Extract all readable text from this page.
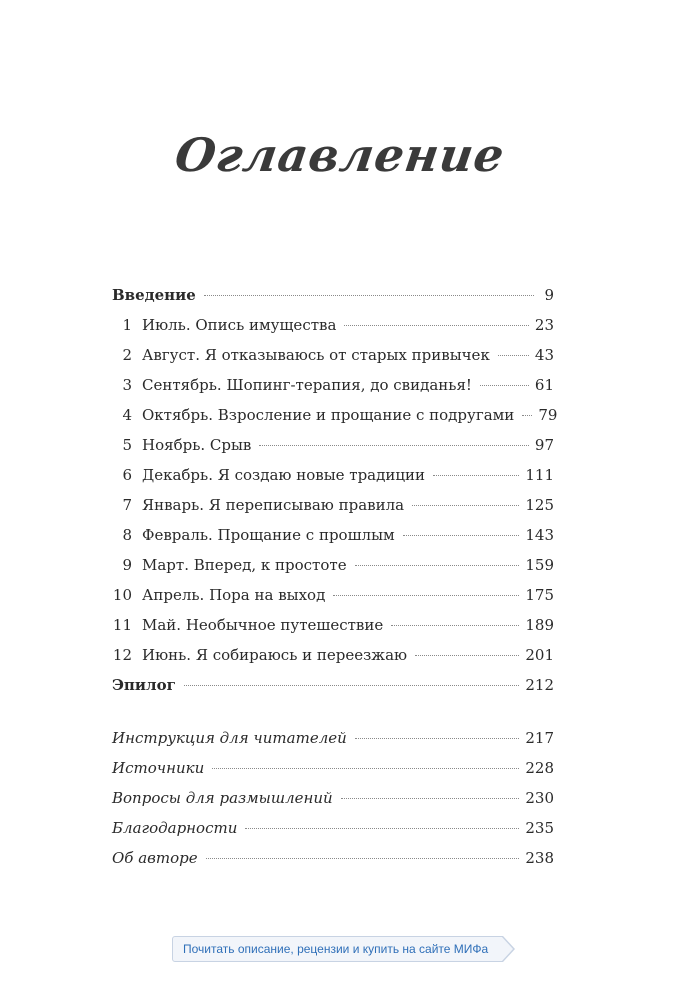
Оглавление
Введение	9
1 Июль. Опись имущества	23
2 Август. Я отказываюсь от старых привычек	43
3 Сентябрь. Шопинг-терапия, до свиданья!	61
4 Октябрь. Взросление и прощание с подругами 79
5 Ноябрь. Срыв	97
6 Декабрь. Я создаю новые традиции	111
7 Январь. Я переписываю правила	125
8 Февраль. Прощание с прошлым	143
9 Март. Вперед, к простоте	159
10 Апрель. Пора на выход	175
11 Май. Необычное путешествие	189
12 Июнь. Я собираюсь и переезжаю	201
Эпилог	212
Инструкция для читателей	217
Источники	228
Вопросы для размышлений	230
Благодарности	235
Об авторе	238
Почитать описание, рецензии и купить на сайте МИФа
